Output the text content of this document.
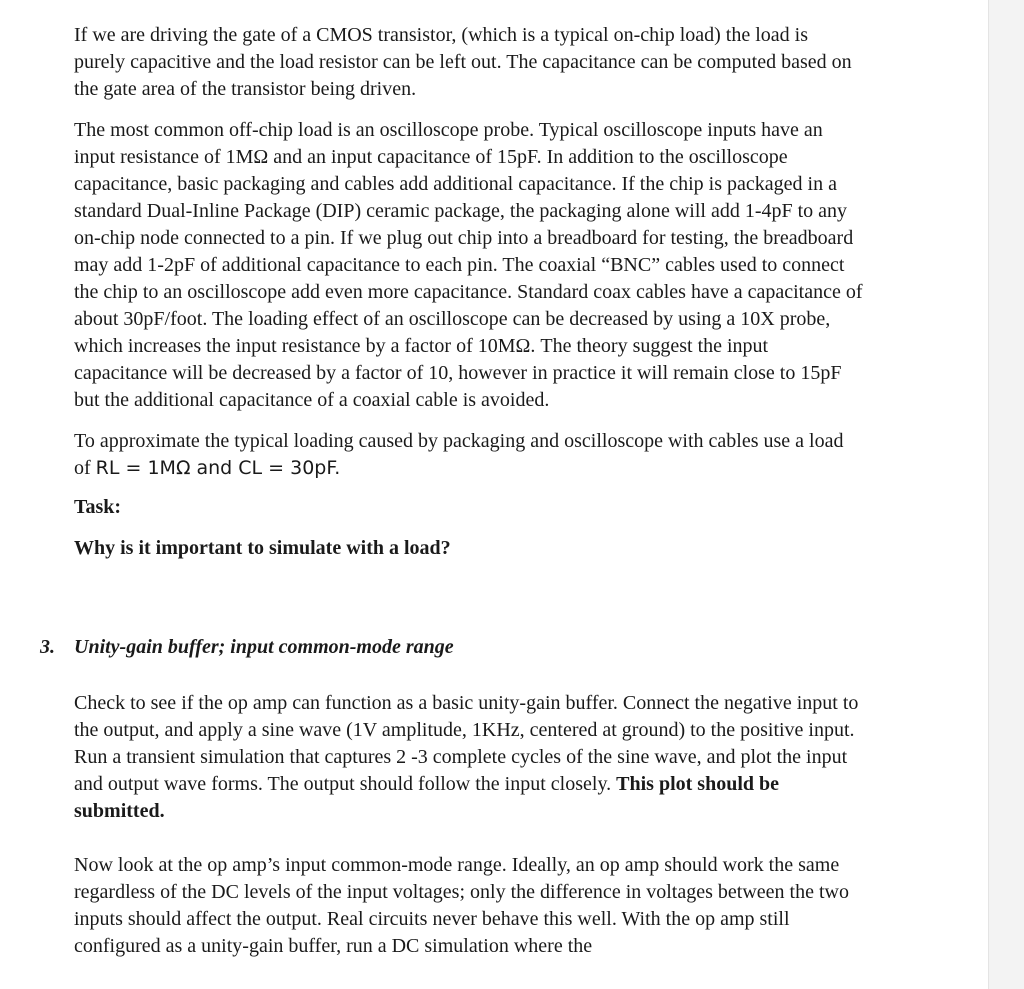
If we are driving the gate of a CMOS transistor, (which is a typical on-chip load) the load is purely capacitive and the load resistor can be left out. The capacitance can be computed based on the gate area of the transistor being driven.

The most common off-chip load is an oscilloscope probe. Typical oscilloscope inputs have an input resistance of 1MΩ and an input capacitance of 15pF. In addition to the oscilloscope capacitance, basic packaging and cables add additional capacitance. If the chip is packaged in a standard Dual-Inline Package (DIP) ceramic package, the packaging alone will add 1-4pF to any on-chip node connected to a pin. If we plug out chip into a breadboard for testing, the breadboard may add 1-2pF of additional capacitance to each pin. The coaxial “BNC” cables used to connect the chip to an oscilloscope add even more capacitance. Standard coax cables have a capacitance of about 30pF/foot. The loading effect of an oscilloscope can be decreased by using a 10X probe, which increases the input resistance by a factor of 10MΩ. The theory suggest the input capacitance will be decreased by a factor of 10, however in practice it will remain close to 15pF but the additional capacitance of a coaxial cable is avoided.

To approximate the typical loading caused by packaging and oscilloscope with cables use a load of RL = 1MΩ and CL = 30pF.

Task:

Why is it important to simulate with a load?

3. Unity-gain buffer; input common-mode range

Check to see if the op amp can function as a basic unity-gain buffer. Connect the negative input to the output, and apply a sine wave (1V amplitude, 1KHz, centered at ground) to the positive input. Run a transient simulation that captures 2 -3 complete cycles of the sine wave, and plot the input and output wave forms. The output should follow the input closely. This plot should be submitted.

Now look at the op amp’s input common-mode range. Ideally, an op amp should work the same regardless of the DC levels of the input voltages; only the difference in voltages between the two inputs should affect the output. Real circuits never behave this well. With the op amp still configured as a unity-gain buffer, run a DC simulation where the
